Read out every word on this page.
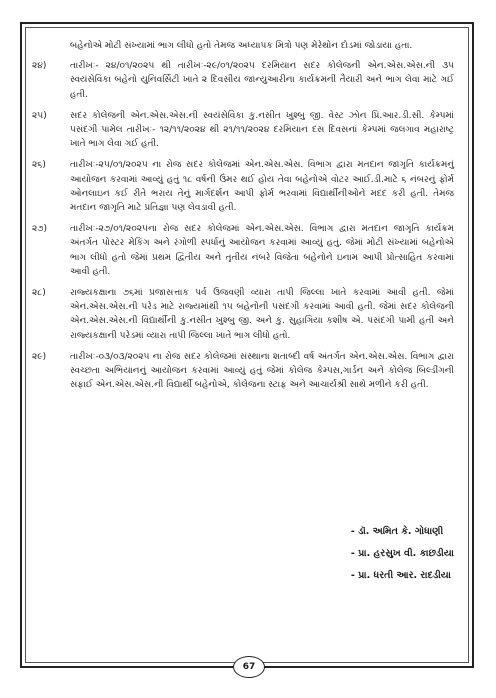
બહેનોએ મોટી સંખ્યામાં ભાગ લીધો હતો તેમજ અધ્યાપક મિત્રો પણ મેરેથોન દોડમાં જોડાયા હતા.
૨૪)	તારીખઃ- ૨૪/૦૧/૨૦૨૫ થી તારીખઃ-૨૯/૦૧/૨૦૨૫ દરમિયાન સદર કોલેજની એન.એસ.એસ.ની ૩૫ સ્વયંસેવિકા બહેનો યુનિવર્સિટી ખાતે ૨ દિવસીય જાન્યુઆરીના કાર્યક્રમની તૈયારી અને ભાગ લેવા માટે ગઈ હતી.
૨૫)	સદર કોલેજની એન.એસ.એસ.ની સ્વયંસેવિકા કુ.નસીત ખુશ્બુ જી. વેસ્ટ ઝોન પ્રિ.આર.ડી.સી. કેમ્પમાં પસંદગી પામેલ તારીખઃ- ૧૨/૧૧/૨૦૨૪ થી ૨૧/૧૧/૨૦૨૪ દરમિયાન દસ દિવસનાં કેમ્પમાં જલગાવ મહારાષ્ટ્ર ખાતે ભાગ લેવા ગઈ હતી.
૨૬)	તારીખઃ-૨૫/૦૧/૨૦૨૫ ના રોજ સદર કોલેજમાં એન.એસ.એસ. વિભાગ દ્વારા મતદાન જાગૃતિ કાર્યક્રમનું આયોજન કરવામાં આવ્યું હતું ૧૮ વર્ષની ઉંમર થઈ હોય તેવા બહેનોએ વોટર આઈ.ડી.માટે ૬ નંબરનું ફોર્મ ઓનલાઇન કઈ રીતે ભરાય તેનું માર્ગદર્શન આપી ફોર્મ ભરવામાં વિદ્યાર્થીનીઓને મદદ કરી હતી. તેમજ મતદાન જાગૃતિ માટે પ્રતિજ્ઞા પણ લેવડાવી હતી.
૨૭)	તારીખઃ-૨૭/૦૧/૨૦૨૫ના રોજ સદર કોલેજમાં એન.એસ.એસ. વિભાગ દ્વારા મતદાન જાગૃતિ કાર્યક્રમ અંતર્ગત પોસ્ટર મેકિંગ અને રંગોળી સ્પર્ધાનું આયોજન કરવામાં આવ્યું હતું. જેમાં મોટી સંખ્યામાં બહેનોએ ભાગ લીધો હતો જેમાં પ્રથમ દ્વિતીય અને તૃતીય નંબરે વિજેતા બહેનોને ઇનામ આપી પ્રોત્સાહિત કરવામાં આવી હતી.
૨૮)	રાજ્યકક્ષાના ૭૬માં પ્રજાસત્તાક પર્વ ઉજવણી વ્યારા તાપી જિલ્લા ખાતે કરવામાં આવી હતી. જેમાં એન.એસ.એસ.ની પરેડ માટે રાજ્યમાંથી ૧૫ બહેનોની પસંદગી કરવામાં આવી હતી. જેમાં સદર કોલેજની એન.એસ.એસ.ની વિદ્યાર્થીની કુ.નસીત ખુશ્બુ જી. અને કુ. સુહાગિયા કશીષ એ. પસંદગી પામી હતી અને રાજ્યકક્ષાની પરેડમાં વ્યારા તાપી જિલ્લા ખાતે ભાગ લીધો હતો.
૨૯)	તારીખઃ-૦૩/૦૩/૨૦૨૫ ના રોજ સદર કોલેજમાં સંસ્થાના શતાબ્દી વર્ષ અંતર્ગત એન.એસ.એસ. વિભાગ દ્વારા સ્વચ્છતા અભિયાનનું આયોજન કરવામાં આવ્યું હતું જેમાં કોલેજ કેમ્પસ,ગાર્ડન અને કોલેજ બિલ્ડીંગની સફાઈ એન.એસ.એસ.ની વિદ્યાર્થી બહેનોએ, કોલેજના સ્ટાફ અને આચાર્યશ્રી સાથે મળીને કરી હતી.
- ડૉ. અમિત કે. ગોધાણી
- પ્રા. હરસુખ વી. કાછડીયા
- પ્રા. ધરતી આર. રાદડીયા
67
